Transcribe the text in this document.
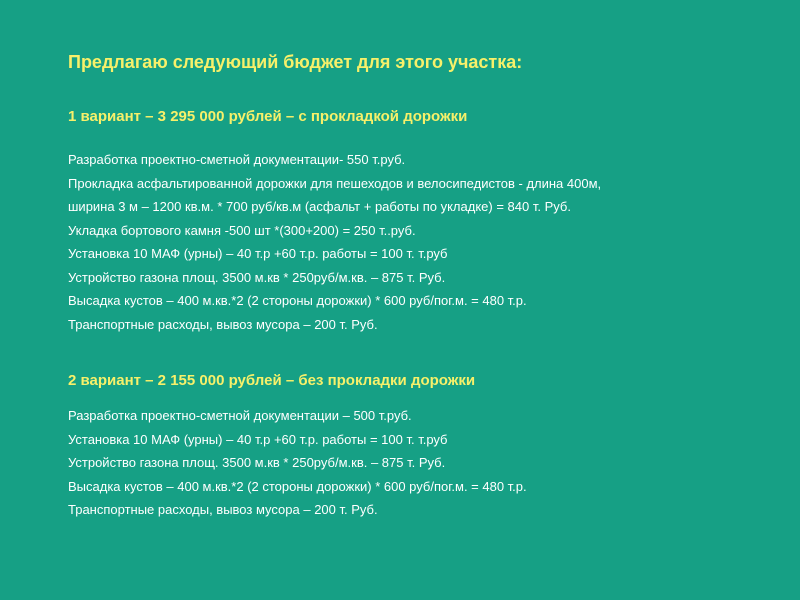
Предлагаю следующий бюджет для этого участка:
1 вариант – 3 295 000 рублей – с прокладкой дорожки
Разработка проектно-сметной документации- 550 т.руб.
Прокладка асфальтированной дорожки для пешеходов и велосипедистов - длина 400м,
ширина 3 м – 1200 кв.м. * 700 руб/кв.м (асфальт + работы по укладке) = 840 т. Руб.
Укладка бортового камня -500 шт *(300+200) = 250 т..руб.
Установка 10 МАФ (урны) – 40 т.р +60 т.р. работы = 100 т. т.руб
Устройство газона площ. 3500 м.кв * 250руб/м.кв. – 875 т. Руб.
Высадка кустов – 400 м.кв.*2 (2 стороны дорожки) * 600 руб/пог.м. = 480 т.р.
Транспортные расходы, вывоз мусора – 200 т. Руб.
2 вариант – 2 155 000 рублей – без прокладки дорожки
Разработка проектно-сметной документации – 500 т.руб.
Установка 10 МАФ (урны) – 40 т.р +60 т.р. работы = 100 т. т.руб
Устройство газона площ. 3500 м.кв * 250руб/м.кв. – 875 т. Руб.
Высадка кустов – 400 м.кв.*2 (2 стороны дорожки) * 600 руб/пог.м. = 480 т.р.
Транспортные расходы, вывоз мусора – 200 т. Руб.
